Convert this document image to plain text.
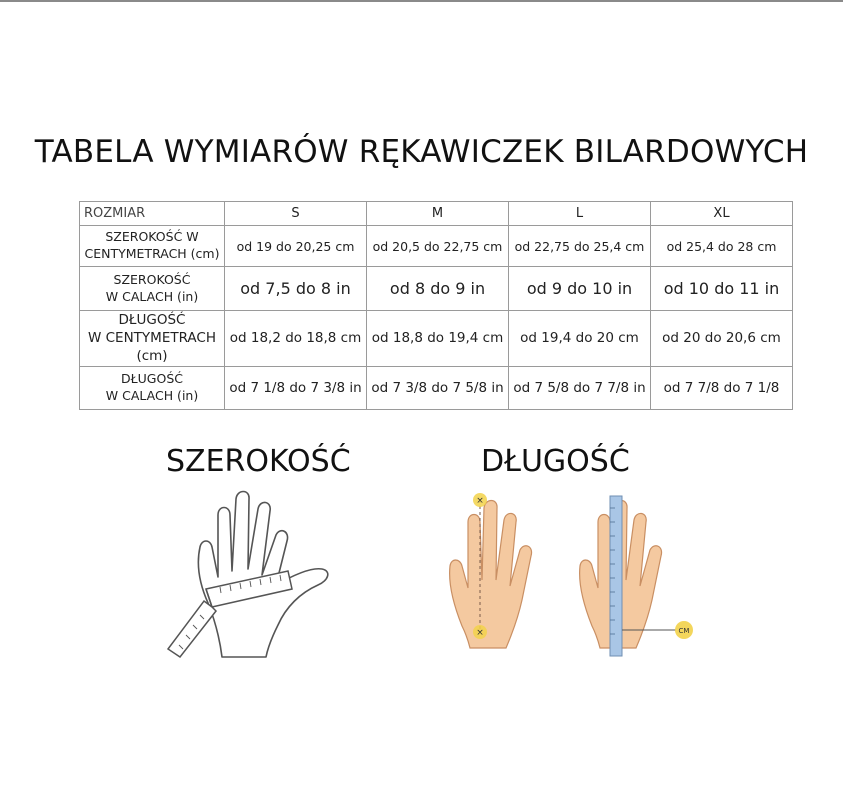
TABELA WYMIARÓW RĘKAWICZEK BILARDOWYCH
ROZMIAR	S	M	L	XL

SZEROKOŚĆ W
CENTYMETRACH (cm)	od 19 do 20,25 cm	od 20,5 do 22,75 cm	od 22,75 do 25,4 cm	od 25,4 do 28 cm

SZEROKOŚĆ
W CALACH (in)	od 7,5 do 8 in	od 8 do 9 in	od 9 do 10 in	od 10 do 11 in

DŁUGOŚĆ
W CENTYMETRACH (cm)	od 18,2 do 18,8 cm	od 18,8 do 19,4 cm	od 19,4 do 20 cm	od 20 do 20,6 cm

DŁUGOŚĆ
W CALACH (in)	od 7 1/8 do 7 3/8 in	od 7 3/8 do 7 5/8 in	od 7 5/8 do 7 7/8 in	od 7 7/8 do 7 1/8
SZEROKOŚĆ	DŁUGOŚĆ
×
×	CM
